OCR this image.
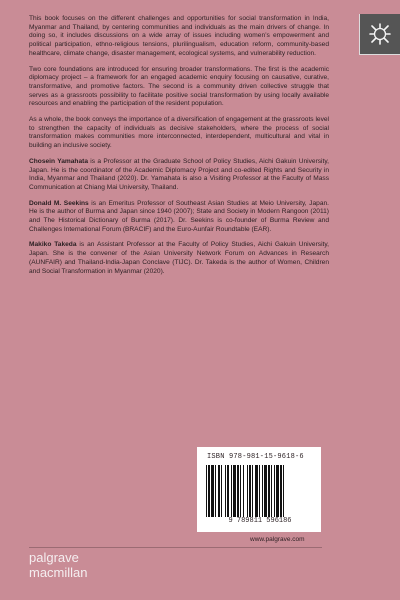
This book focuses on the different challenges and opportunities for social transformation in India, Myanmar and Thailand, by centering communities and individuals as the main drivers of change. In doing so, it includes discussions on a wide array of issues including women’s empowerment and political participation, ethno-religious tensions, plurilingualism, education reform, community-based healthcare, climate change, disaster management, ecological systems, and vulnerability reduction.

Two core foundations are introduced for ensuring broader transformations. The first is the academic diplomacy project – a framework for an engaged academic enquiry focusing on causative, curative, transformative, and promotive factors. The second is a community driven collective struggle that serves as a grassroots possibility to facilitate positive social transformation by using locally available resources and enabling the participation of the resident population.

As a whole, the book conveys the importance of a diversification of engagement at the grassroots level to strengthen the capacity of individuals as decisive stakeholders, where the process of social transformation makes communities more interconnected, interdependent, multicultural and vital in building an inclusive society.

Chosein Yamahata is a Professor at the Graduate School of Policy Studies, Aichi Gakuin University, Japan. He is the coordinator of the Academic Diplomacy Project and co-edited Rights and Security in India, Myanmar and Thailand (2020). Dr. Yamahata is also a Visiting Professor at the Faculty of Mass Communication at Chiang Mai University, Thailand.

Donald M. Seekins is an Emeritus Professor of Southeast Asian Studies at Meio University, Japan. He is the author of Burma and Japan since 1940 (2007); State and Society in Modern Rangoon (2011) and The Historical Dictionary of Burma (2017). Dr. Seekins is co-founder of Burma Review and Challenges International Forum (BRACIF) and the Euro-Aunfair Roundtable (EAR).

Makiko Takeda is an Assistant Professor at the Faculty of Policy Studies, Aichi Gakuin University, Japan. She is the convener of the Asian University Network Forum on Advances in Research (AUNFAIR) and Thailand-India-Japan Conclave (TIJC). Dr. Takeda is the author of Women, Children and Social Transformation in Myanmar (2020).

ISBN 978-981-15-9618-6
9 789811 596186
www.palgrave.com
palgrave
macmillan
